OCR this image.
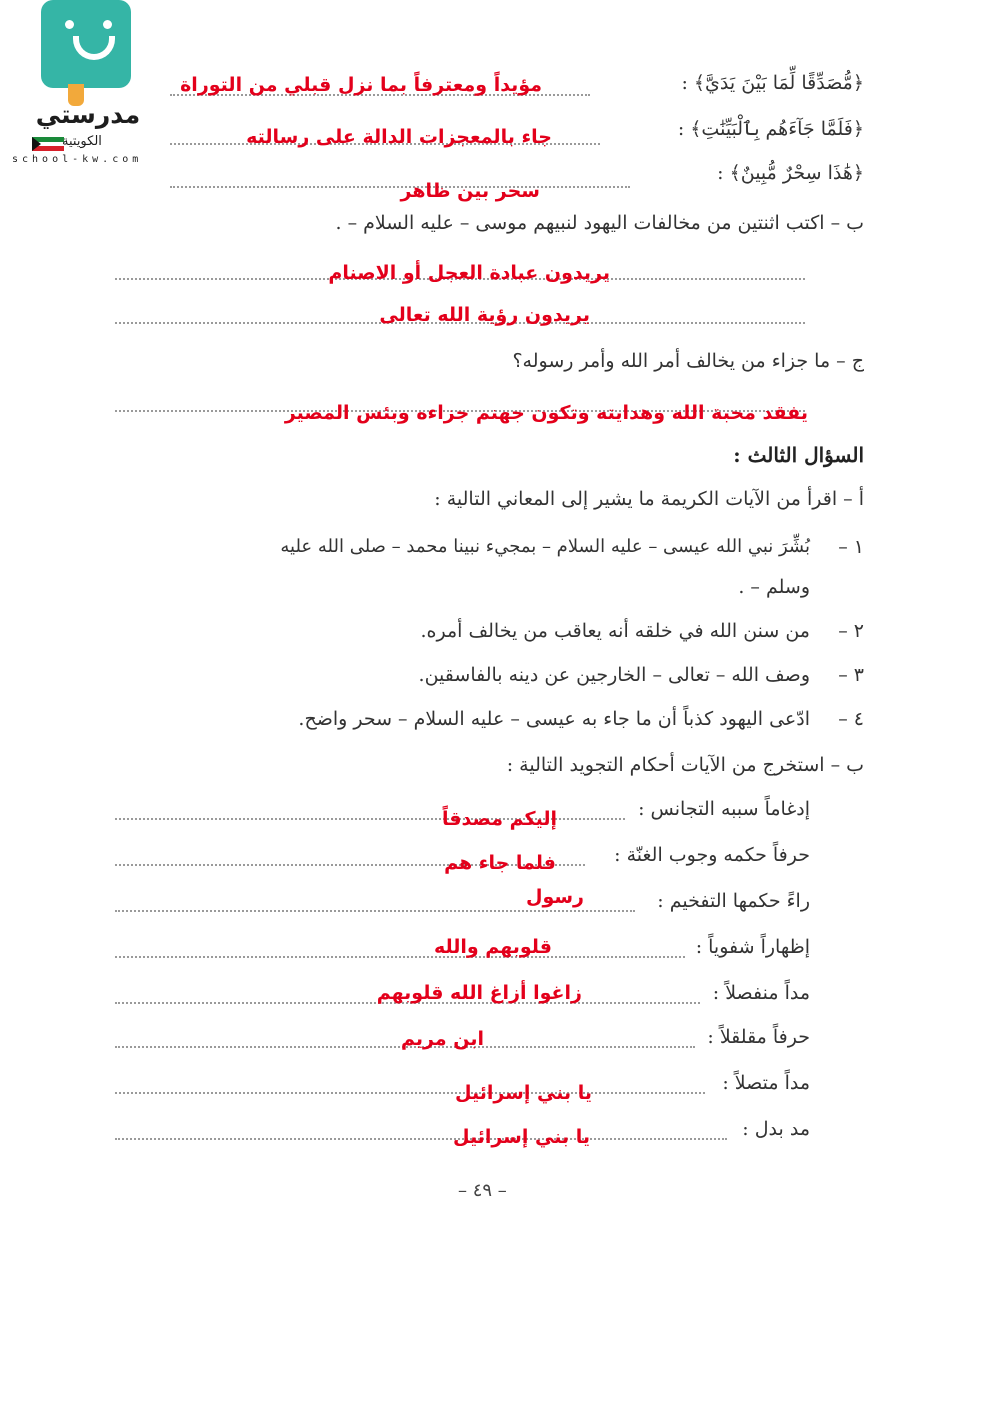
مدرستي
الكويتية
school-kw.com
﴿مُّصَدِّقًا لِّمَا بَيْنَ يَدَيَّ﴾ :
مؤيداً ومعترفاً بما نزل قبلي من التوراة
﴿فَلَمَّا جَآءَهُم بِٱلْبَيِّنَٰتِ﴾ :
جاء بالمعجزات الدالة على رسالته
﴿هَٰذَا سِحْرٌ مُّبِينٌ﴾ :
سحر بين ظاهر
ب – اكتب اثنتين من مخالفات اليهود لنبيهم موسى – عليه السلام – .
يريدون عبادة العجل أو الاصنام
يريدون رؤية الله تعالى
ج – ما جزاء من يخالف أمر الله وأمر رسوله؟
يفقد محبة الله وهدايته وتكون جهنم جزاءه وبئس المصير
السؤال الثالث :
أ – اقرأ من الآيات الكريمة ما يشير إلى المعاني التالية :
١ –
بُشِّرَ نبي الله عيسى – عليه السلام – بمجيء نبينا محمد – صلى الله عليه
وسلم – .
٢ –
من سنن الله في خلقه أنه يعاقب من يخالف أمره.
٣ –
وصف الله – تعالى – الخارجين عن دينه بالفاسقين.
٤ –
ادّعى اليهود كذباً أن ما جاء به عيسى – عليه السلام – سحر واضح.
ب – استخرج من الآيات أحكام التجويد التالية :
إدغاماً سببه التجانس :
إليكم مصدقاً
حرفاً حكمه وجوب الغنّة :
فلما جاء هم
راءً حكمها التفخيم :
رسول
إظهاراً شفوياً :
قلوبهم والله
مداً منفصلاً :
زاغوا أزاغ الله قلوبهم
حرفاً مقلقلاً :
ابن مريم
مداً متصلاً :
يا بني إسرائيل
مد بدل :
يا بني إسرائيل
– ٤٩ –
